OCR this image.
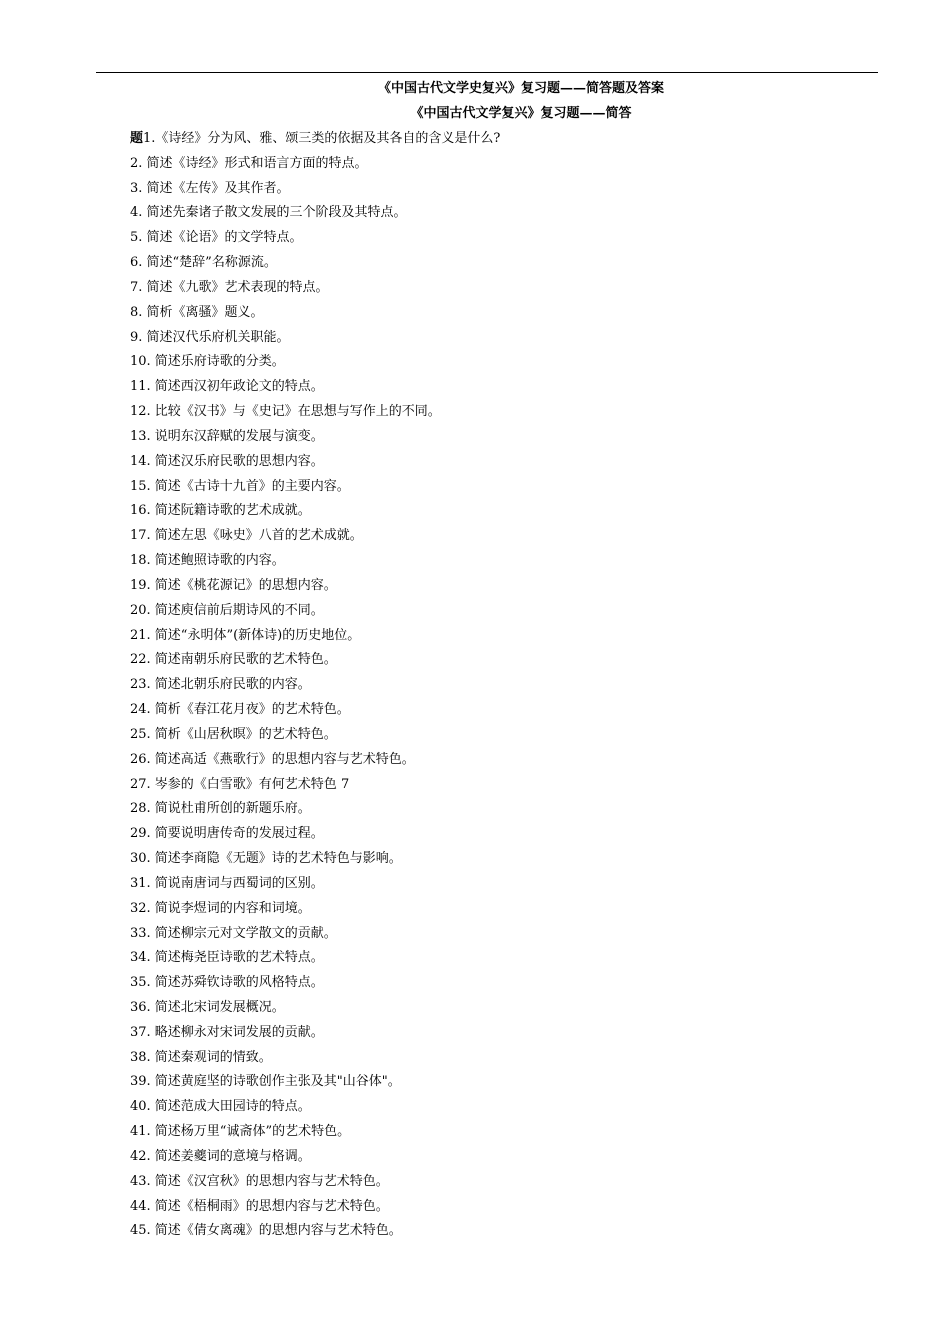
《中国古代文学史复兴》复习题——简答题及答案
《中国古代文学复兴》复习题——简答
题1.《诗经》分为风、雅、颂三类的依据及其各自的含义是什么?
2. 简述《诗经》形式和语言方面的特点。
3. 简述《左传》及其作者。
4. 简述先秦诸子散文发展的三个阶段及其特点。
5. 简述《论语》的文学特点。
6. 简述“楚辞”名称源流。
7. 简述《九歌》艺术表现的特点。
8. 简析《离骚》题义。
9. 简述汉代乐府机关职能。
10. 简述乐府诗歌的分类。
11. 简述西汉初年政论文的特点。
12. 比较《汉书》与《史记》在思想与写作上的不同。
13. 说明东汉辞赋的发展与演变。
14. 简述汉乐府民歌的思想内容。
15. 简述《古诗十九首》的主要内容。
16. 简述阮籍诗歌的艺术成就。
17. 简述左思《咏史》八首的艺术成就。
18. 简述鲍照诗歌的内容。
19. 简述《桃花源记》的思想内容。
20. 简述庾信前后期诗风的不同。
21. 简述“永明体”(新体诗)的历史地位。
22. 简述南朝乐府民歌的艺术特色。
23. 简述北朝乐府民歌的内容。
24. 简析《春江花月夜》的艺术特色。
25. 简析《山居秋暝》的艺术特色。
26. 简述高适《燕歌行》的思想内容与艺术特色。
27. 岑参的《白雪歌》有何艺术特色 7
28. 简说杜甫所创的新题乐府。
29. 简要说明唐传奇的发展过程。
30. 简述李商隐《无题》诗的艺术特色与影响。
31. 简说南唐词与西蜀词的区别。
32. 简说李煜词的内容和词境。
33. 简述柳宗元对文学散文的贡献。
34. 简述梅尧臣诗歌的艺术特点。
35. 简述苏舜钦诗歌的风格特点。
36. 简述北宋词发展概况。
37. 略述柳永对宋词发展的贡献。
38. 简述秦观词的情致。
39. 简述黄庭坚的诗歌创作主张及其"山谷体"。
40. 简述范成大田园诗的特点。
41. 简述杨万里“诚斋体”的艺术特色。
42. 简述姜夔词的意境与格调。
43. 简述《汉宫秋》的思想内容与艺术特色。
44. 简述《梧桐雨》的思想内容与艺术特色。
45. 简述《倩女离魂》的思想内容与艺术特色。
